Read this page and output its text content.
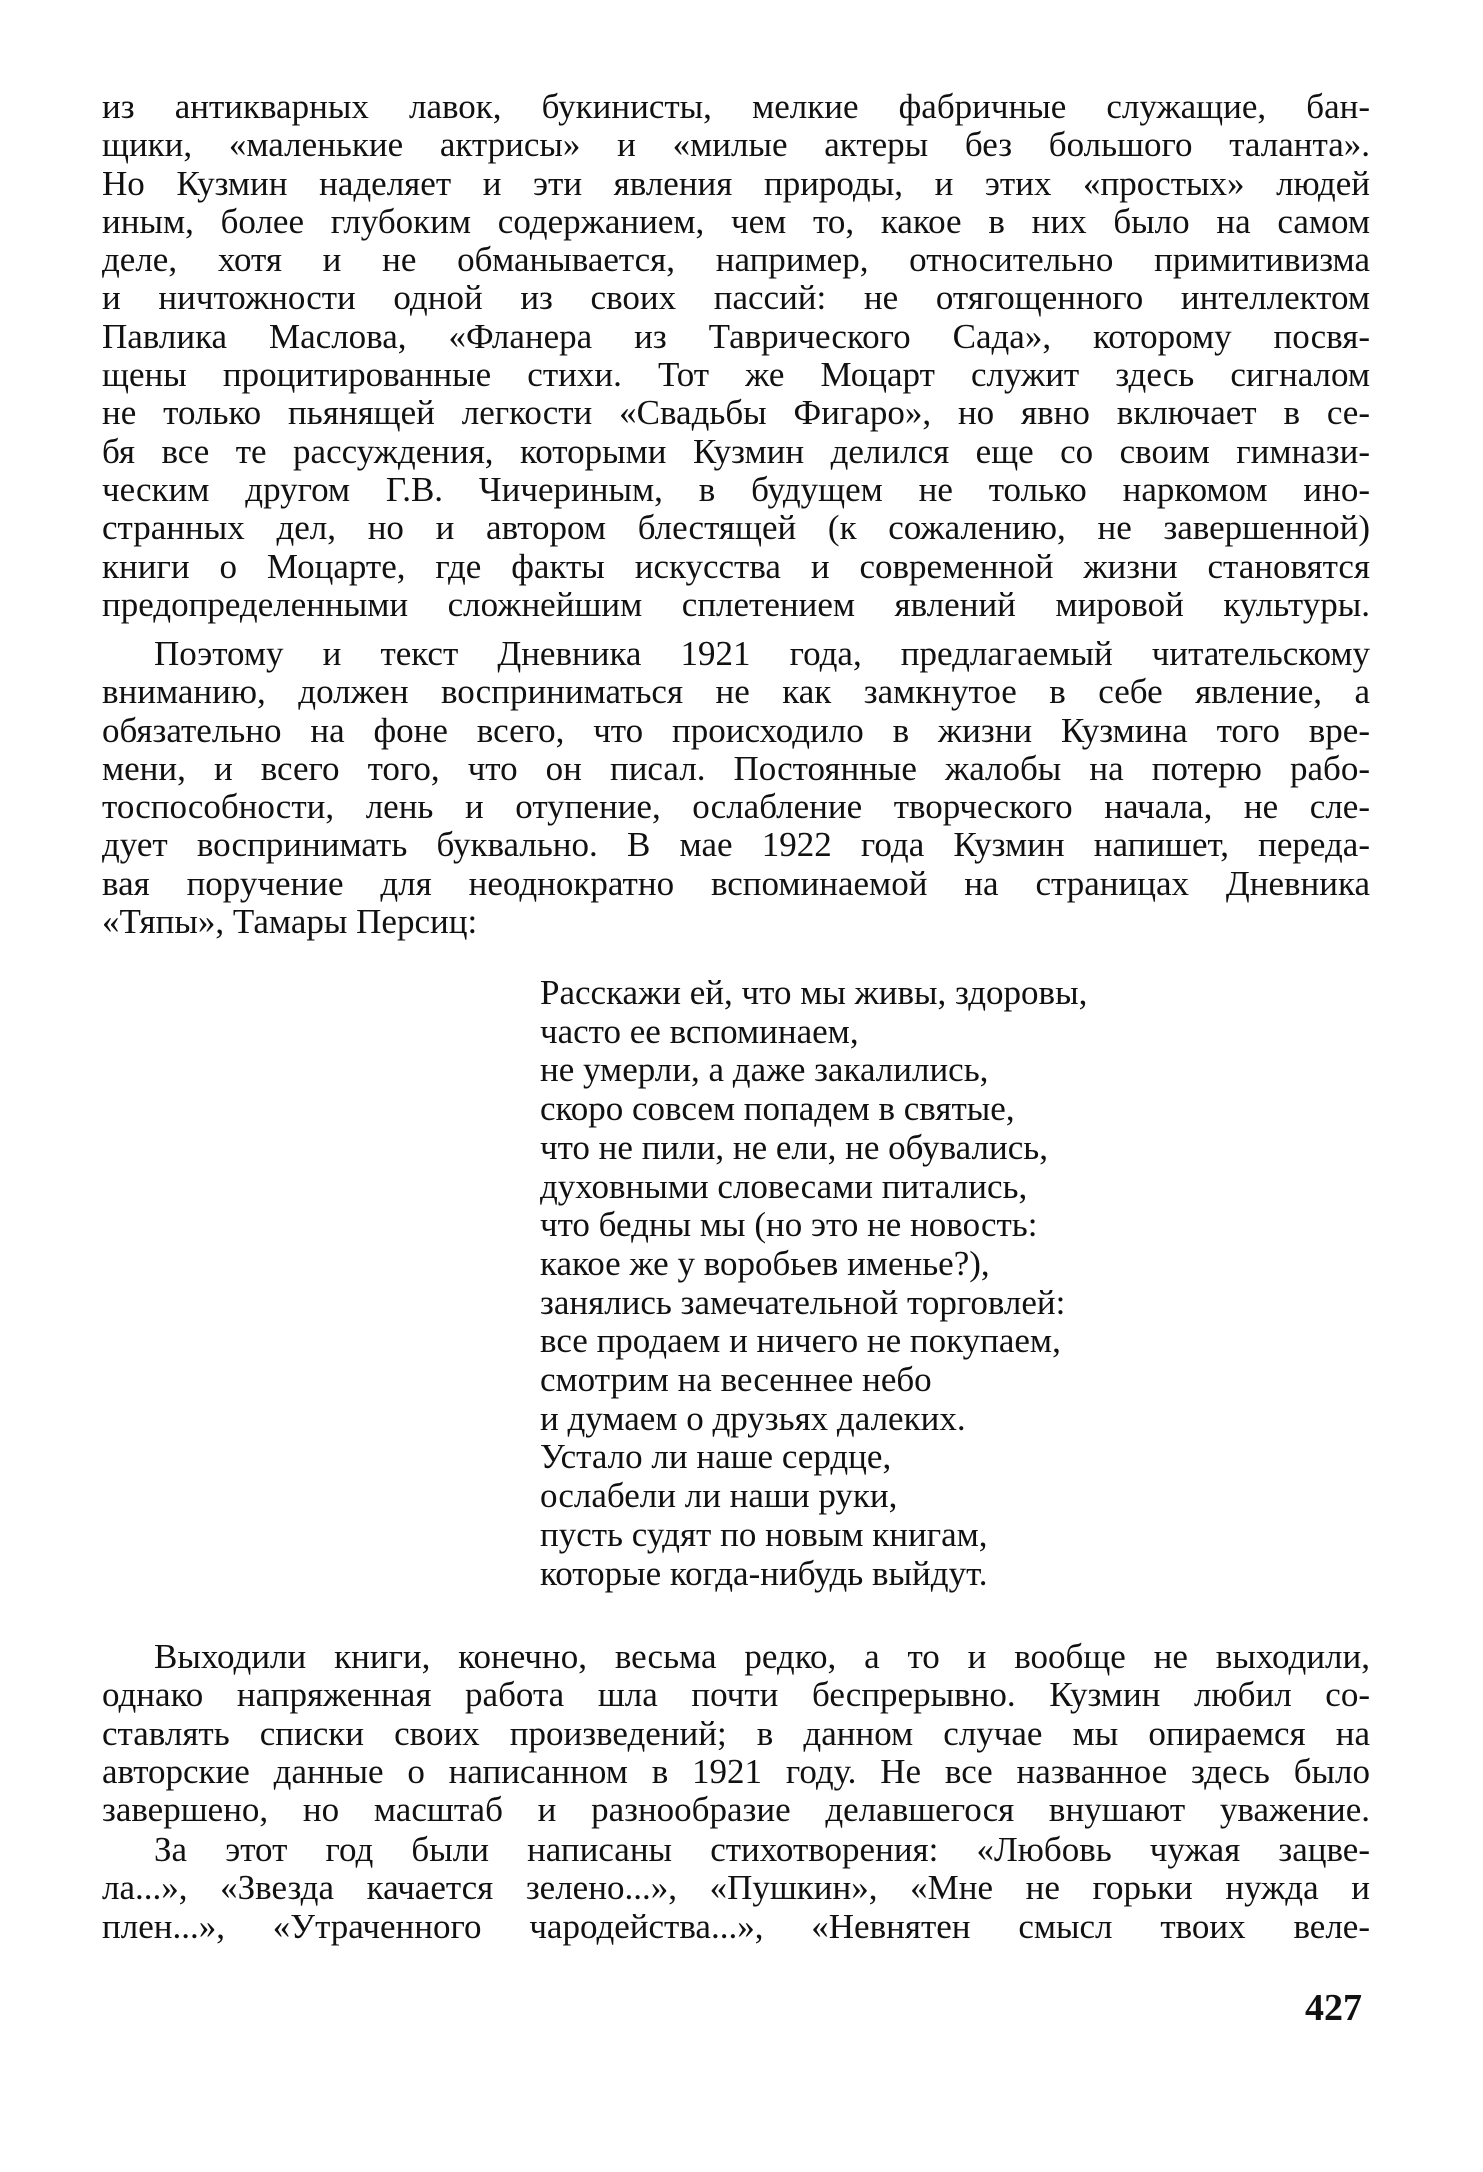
из антикварных лавок, букинисты, мелкие фабричные служащие, бан-
щики, «маленькие актрисы» и «милые актеры без большого таланта».
Но Кузмин наделяет и эти явления природы, и этих «простых» людей
иным, более глубоким содержанием, чем то, какое в них было на самом
деле, хотя и не обманывается, например, относительно примитивизма
и ничтожности одной из своих пассий: не отягощенного интеллектом
Павлика Маслова, «Фланера из Таврического Сада», которому посвя-
щены процитированные стихи. Тот же Моцарт служит здесь сигналом
не только пьянящей легкости «Свадьбы Фигаро», но явно включает в се-
бя все те рассуждения, которыми Кузмин делился еще со своим гимнази-
ческим другом Г.В. Чичериным, в будущем не только наркомом ино-
странных дел, но и автором блестящей (к сожалению, не завершенной)
книги о Моцарте, где факты искусства и современной жизни становятся
предопределенными сложнейшим сплетением явлений мировой культуры.

Поэтому и текст Дневника 1921 года, предлагаемый читательскому
вниманию, должен восприниматься не как замкнутое в себе явление, а
обязательно на фоне всего, что происходило в жизни Кузмина того вре-
мени, и всего того, что он писал. Постоянные жалобы на потерю рабо-
тоспособности, лень и отупение, ослабление творческого начала, не сле-
дует воспринимать буквально. В мае 1922 года Кузмин напишет, переда-
вая поручение для неоднократно вспоминаемой на страницах Дневника
«Тяпы», Тамары Персиц:

Расскажи ей, что мы живы, здоровы,
часто ее вспоминаем,
не умерли, а даже закалились,
скоро совсем попадем в святые,
что не пили, не ели, не обувались,
духовными словесами питались,
что бедны мы (но это не новость:
какое же у воробьев именье?),
занялись замечательной торговлей:
все продаем и ничего не покупаем,
смотрим на весеннее небо
и думаем о друзьях далеких.
Устало ли наше сердце,
ослабели ли наши руки,
пусть судят по новым книгам,
которые когда-нибудь выйдут.

Выходили книги, конечно, весьма редко, а то и вообще не выходили,
однако напряженная работа шла почти беспрерывно. Кузмин любил со-
ставлять списки своих произведений; в данном случае мы опираемся на
авторские данные о написанном в 1921 году. Не все названное здесь было
завершено, но масштаб и разнообразие делавшегося внушают уважение.

За этот год были написаны стихотворения: «Любовь чужая зацве-
ла...», «Звезда качается зелено...», «Пушкин», «Мне не горьки нужда и
плен...», «Утраченного чародейства...», «Невнятен смысл твоих веле-

427
